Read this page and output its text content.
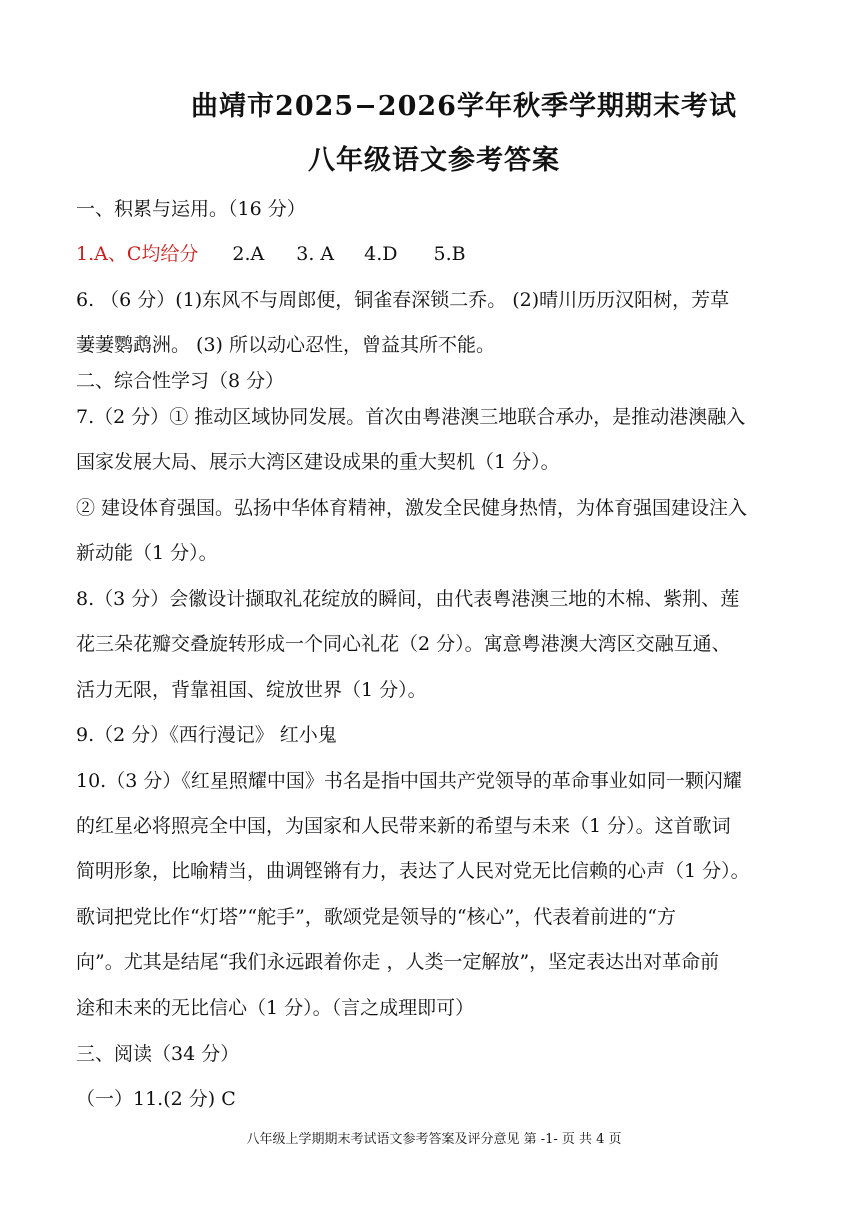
曲靖市2025−2026学年秋季学期期末考试
八年级语文参考答案
一、积累与运用。（16 分）
1.A、C均给分 2.A 3. A 4.D 5.B
6. （6 分）(1)东风不与周郎便，铜雀春深锁二乔。 (2)晴川历历汉阳树，芳草
萋萋鹦鹉洲。 (3) 所以动心忍性，曾益其所不能。
二、综合性学习（8 分）
7.（2 分）① 推动区域协同发展。首次由粤港澳三地联合承办，是推动港澳融入
国家发展大局、展示大湾区建设成果的重大契机（1 分）。
② 建设体育强国。弘扬中华体育精神，激发全民健身热情，为体育强国建设注入
新动能（1 分）。
8.（3 分）会徽设计撷取礼花绽放的瞬间，由代表粤港澳三地的木棉、紫荆、莲
花三朵花瓣交叠旋转形成一个同心礼花（2 分）。寓意粤港澳大湾区交融互通、
活力无限，背靠祖国、绽放世界（1 分）。
9.（2 分）《西行漫记》 红小鬼
10.（3 分）《红星照耀中国》书名是指中国共产党领导的革命事业如同一颗闪耀
的红星必将照亮全中国，为国家和人民带来新的希望与未来（1 分）。这首歌词
简明形象，比喻精当，曲调铿锵有力，表达了人民对党无比信赖的心声（1 分）。
歌词把党比作“灯塔”“舵手”，歌颂党是领导的“核心”，代表着前进的“方
向”。尤其是结尾“我们永远跟着你走 ，人类一定解放”，坚定表达出对革命前
途和未来的无比信心（1 分）。（言之成理即可）
三、阅读（34 分）
（一）11.(2 分) C
八年级上学期期末考试语文参考答案及评分意见 第 -1- 页 共 4 页
